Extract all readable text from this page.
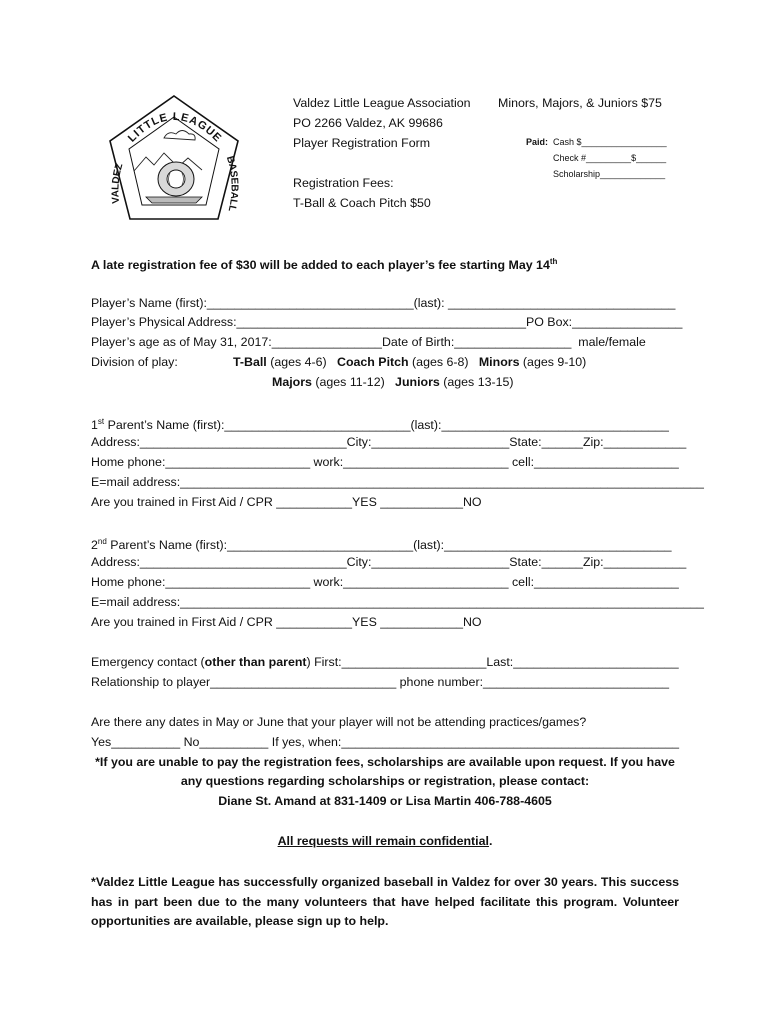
LITTLE LEAGUE
VALDEZ
BASEBALL
Valdez Little League Association
PO 2266 Valdez, AK 99686
Player Registration Form
Registration Fees:
T-Ball & Coach Pitch $50
Minors, Majors, & Juniors $75
Paid: Cash $_________________
Check #_________$______
Scholarship_____________
A late registration fee of $30 will be added to each player’s fee starting May 14th
Player’s Name (first):______________________________(last): _________________________________
Player’s Physical Address:__________________________________________PO Box:________________
Player’s age as of May 31, 2017:________________Date of Birth:_________________  male/female
Division of play:	T-Ball (ages 4-6)   Coach Pitch (ages 6-8)   Minors (ages 9-10)
Majors (ages 11-12)   Juniors (ages 13-15)
1st Parent’s Name (first):___________________________(last):_________________________________
Address:______________________________City:____________________State:______Zip:____________
Home phone:_____________________ work:________________________ cell:_____________________
E=mail address:____________________________________________________________________________
Are you trained in First Aid / CPR ___________YES ____________NO
2nd Parent’s Name (first):___________________________(last):_________________________________
Address:______________________________City:____________________State:______Zip:____________
Home phone:_____________________ work:________________________ cell:_____________________
E=mail address:____________________________________________________________________________
Are you trained in First Aid / CPR ___________YES ____________NO
Emergency contact (other than parent) First:_____________________Last:________________________
Relationship to player___________________________ phone number:___________________________
Are there any dates in May or June that your player will not be attending practices/games?
Yes__________ No__________ If yes, when:_________________________________________________
*If you are unable to pay the registration fees, scholarships are available upon request. If you have
any questions regarding scholarships or registration, please contact:
Diane St. Amand at 831-1409 or Lisa Martin 406-788-4605
All requests will remain confidential.
*Valdez Little League has successfully organized baseball in Valdez for over 30 years. This success has in part been due to the many volunteers that have helped facilitate this program. Volunteer opportunities are available, please sign up to help.
